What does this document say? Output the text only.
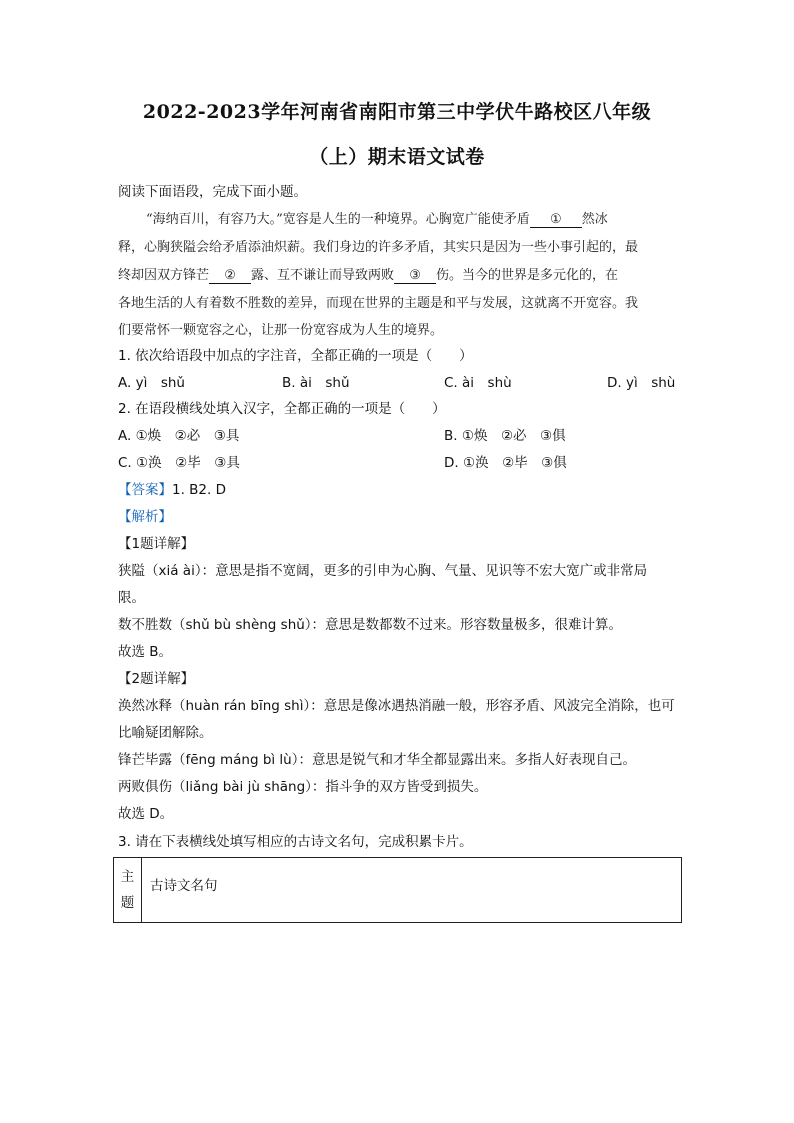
2022-2023学年河南省南阳市第三中学伏牛路校区八年级
（上）期末语文试卷
阅读下面语段，完成下面小题。
“海纳百川，有容乃大。”宽容是人生的一种境界。心胸宽广能使矛盾 ① 然冰
释，心胸狭隘会给矛盾添油炽薪。我们身边的许多矛盾，其实只是因为一些小事引起的，最
终却因双方锋芒 ② 露、互不谦让而导致两败 ③ 伤。当今的世界是多元化的，在
各地生活的人有着数不胜数的差异，而现在世界的主题是和平与发展，这就离不开宽容。我
们要常怀一颗宽容之心，让那一份宽容成为人生的境界。
1. 依次给语段中加点的字注音，全都正确的一项是（　　）
A. yì　shǔ	B. ài　shǔ	C. ài　shù	D. yì　shù
2. 在语段横线处填入汉字，全都正确的一项是（　　）
A. ①焕　②必　③具	B. ①焕　②必　③俱
C. ①涣　②毕　③具	D. ①涣　②毕　③俱
【答案】1. B2. D
【解析】
【1题详解】
狭隘（xiá ài）：意思是指不宽阔，更多的引申为心胸、气量、见识等不宏大宽广或非常局
限。
数不胜数（shǔ bù shèng shǔ）：意思是数都数不过来。形容数量极多，很难计算。
故选 B。
【2题详解】
涣然冰释（huàn rán bīng shì）：意思是像冰遇热消融一般，形容矛盾、风波完全消除，也可
比喻疑团解除。
锋芒毕露（fēng máng bì lù）：意思是锐气和才华全都显露出来。多指人好表现自己。
两败俱伤（liǎng bài jù shāng）：指斗争的双方皆受到损失。
故选 D。
3. 请在下表横线处填写相应的古诗文名句，完成积累卡片。
主题	古诗文名句
